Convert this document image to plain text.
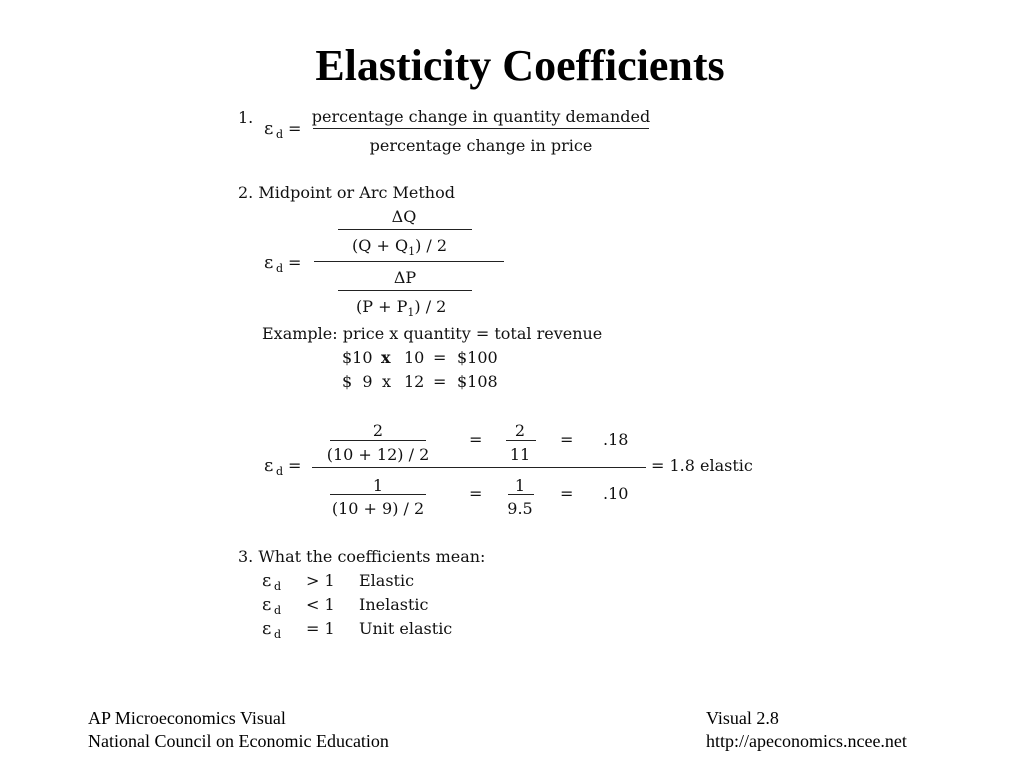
Elasticity Coefficients
1.
ε d =
percentage change in quantity demanded
percentage change in price
2. Midpoint or Arc Method
ΔQ
$(Q + Q_1) / 2$
ε d =
ΔP
$(P + P_1) / 2$
Example: price x quantity = total revenue
$10 x 10 = $100
$  9 x 12 = $108
2
(10 + 12) / 2
= 2
11
= .18
ε d =	= 1.8 elastic
1
(10 + 9) / 2
= 1
9.5
= .10
3. What the coefficients mean:
ε d > 1 Elastic
ε d < 1 Inelastic
ε d = 1 Unit elastic
AP Microeconomics Visual
National Council on Economic Education
Visual 2.8
http://apeconomics.ncee.net
